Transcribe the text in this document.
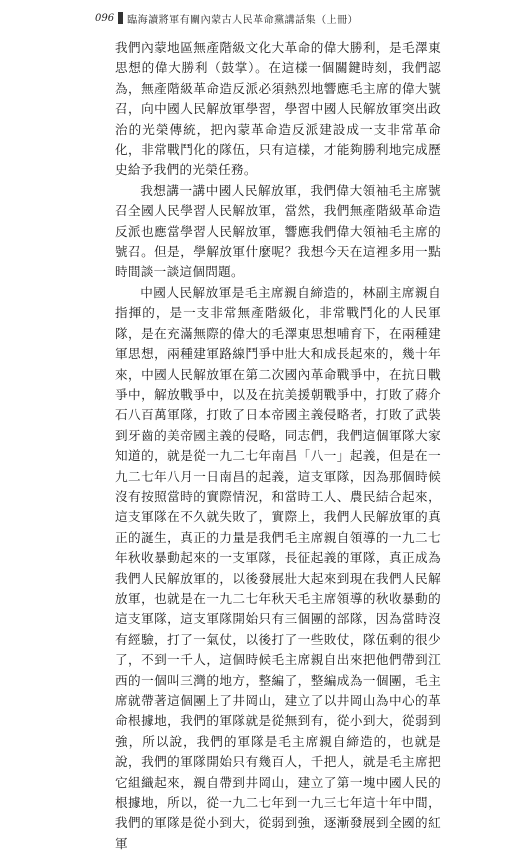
096 臨海讀將軍有關內蒙古人民革命黨講話集（上冊）

我們內蒙地區無產階級文化大革命的偉大勝利，是毛澤東思想的偉大勝利（鼓掌）。在這樣一個關鍵時刻，我們認為，無產階級革命造反派必須熱烈地響應毛主席的偉大號召，向中國人民解放軍學習，學習中國人民解放軍突出政治的光榮傳統，把內蒙革命造反派建設成一支非常革命化，非常戰鬥化的隊伍，只有這樣，才能夠勝利地完成歷史給予我們的光榮任務。

我想講一講中國人民解放軍，我們偉大領袖毛主席號召全國人民學習人民解放軍，當然，我們無產階級革命造反派也應當學習人民解放軍，響應我們偉大領袖毛主席的號召。但是，學解放軍什麼呢？我想今天在這裡多用一點時間談一談這個問題。

中國人民解放軍是毛主席親自締造的，林副主席親自指揮的，是一支非常無產階級化，非常戰鬥化的人民軍隊，是在充滿無際的偉大的毛澤東思想哺育下，在兩種建軍思想，兩種建軍路線鬥爭中壯大和成長起來的，幾十年來，中國人民解放軍在第二次國內革命戰爭中，在抗日戰爭中，解放戰爭中，以及在抗美援朝戰爭中，打敗了蔣介石八百萬軍隊，打敗了日本帝國主義侵略者，打敗了武裝到牙齒的美帝國主義的侵略，同志們，我們這個軍隊大家知道的，就是從一九二七年南昌「八一」起義，但是在一九二七年八月一日南昌的起義，這支軍隊，因為那個時候沒有按照當時的實際情況，和當時工人、農民結合起來，這支軍隊在不久就失敗了，實際上，我們人民解放軍的真正的誕生，真正的力量是我們毛主席親自領導的一九二七年秋收暴動起來的一支軍隊，長征起義的軍隊，真正成為我們人民解放軍的，以後發展壯大起來到現在我們人民解放軍，也就是在一九二七年秋天毛主席領導的秋收暴動的這支軍隊，這支軍隊開始只有三個團的部隊，因為當時沒有經驗，打了一氣仗，以後打了一些敗仗，隊伍剩的很少了，不到一千人，這個時候毛主席親自出來把他們帶到江西的一個叫三灣的地方，整編了，整編成為一個團，毛主席就帶著這個團上了井岡山，建立了以井岡山為中心的革命根據地，我們的軍隊就是從無到有，從小到大，從弱到強，所以說，我們的軍隊是毛主席親自締造的，也就是說，我們的軍隊開始只有幾百人，千把人，就是毛主席把它組織起來，親自帶到井岡山，建立了第一塊中國人民的根據地，所以，從一九二七年到一九三七年這十年中間，我們的軍隊是從小到大，從弱到強，逐漸發展到全國的紅軍
